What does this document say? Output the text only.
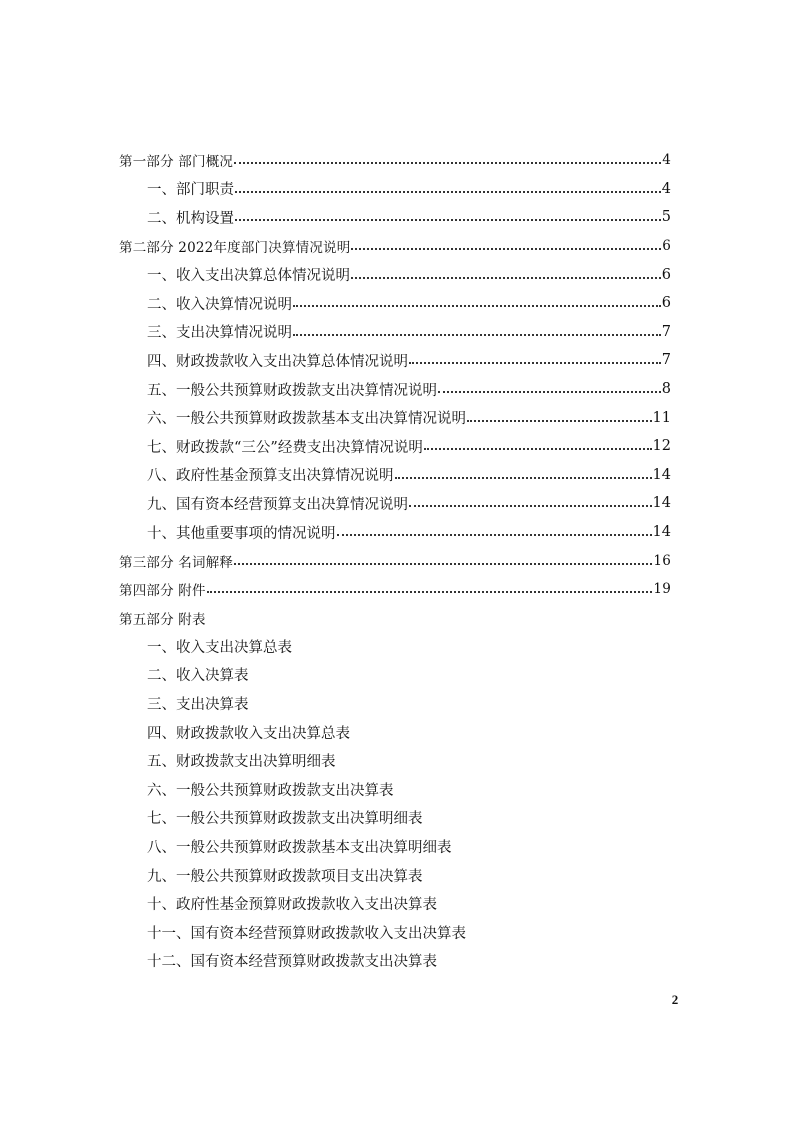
第一部分 部门概况	4
一、部门职责	4
二、机构设置	5
第二部分 2022年度部门决算情况说明	6
一、收入支出决算总体情况说明	6
二、收入决算情况说明	6
三、支出决算情况说明	7
四、财政拨款收入支出决算总体情况说明	7
五、一般公共预算财政拨款支出决算情况说明	8
六、一般公共预算财政拨款基本支出决算情况说明	11
七、财政拨款“三公”经费支出决算情况说明	12
八、政府性基金预算支出决算情况说明	14
九、国有资本经营预算支出决算情况说明	14
十、其他重要事项的情况说明	14
第三部分 名词解释	16
第四部分 附件	19
第五部分 附表
一、收入支出决算总表
二、收入决算表
三、支出决算表
四、财政拨款收入支出决算总表
五、财政拨款支出决算明细表
六、一般公共预算财政拨款支出决算表
七、一般公共预算财政拨款支出决算明细表
八、一般公共预算财政拨款基本支出决算明细表
九、一般公共预算财政拨款项目支出决算表
十、政府性基金预算财政拨款收入支出决算表
十一、国有资本经营预算财政拨款收入支出决算表
十二、国有资本经营预算财政拨款支出决算表
2
